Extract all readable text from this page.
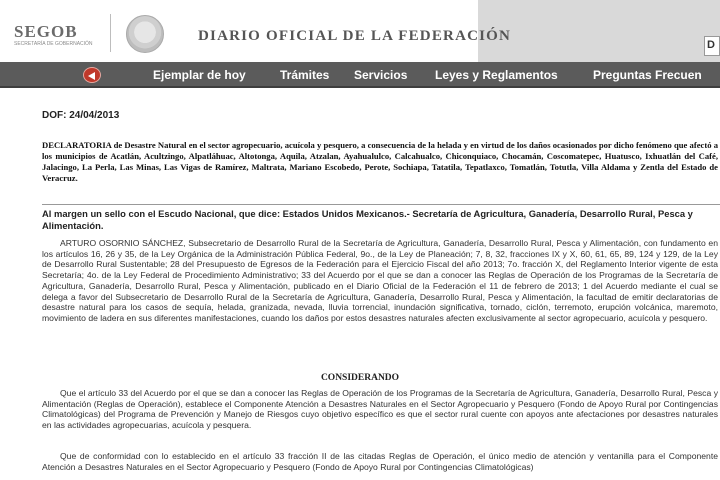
SEGOB
SECRETARÍA DE GOBERNACIÓN	DIARIO OFICIAL DE LA FEDERACIÓN
D
Ejemplar de hoy	Trámites Servicios Leyes y Reglamentos	Preguntas Frecuen
DOF: 24/04/2013
DECLARATORIA de Desastre Natural en el sector agropecuario, acuícola y pesquero, a consecuencia de la helada y en virtud de los daños ocasionados por dicho fenómeno que afectó a los municipios de Acatlán, Acultzingo, Alpatláhuac, Altotonga, Aquila, Atzalan, Ayahualulco, Calcahualco, Chiconquiaco, Chocamán, Coscomatepec, Huatusco, Ixhuatlán del Café, Jalacingo, La Perla, Las Minas, Las Vigas de Ramírez, Maltrata, Mariano Escobedo, Perote, Sochiapa, Tatatila, Tepatlaxco, Tomatlán, Totutla, Villa Aldama y Zentla del Estado de Veracruz.
Al margen un sello con el Escudo Nacional, que dice: Estados Unidos Mexicanos.- Secretaría de Agricultura, Ganadería, Desarrollo Rural, Pesca y Alimentación.
ARTURO OSORNIO SÁNCHEZ, Subsecretario de Desarrollo Rural de la Secretaría de Agricultura, Ganadería, Desarrollo Rural, Pesca y Alimentación, con fundamento en los artículos 16, 26 y 35, de la Ley Orgánica de la Administración Pública Federal, 9o., de la Ley de Planeación; 7, 8, 32, fracciones IX y X, 60, 61, 65, 89, 124 y 129, de la Ley de Desarrollo Rural Sustentable; 28 del Presupuesto de Egresos de la Federación para el Ejercicio Fiscal del año 2013; 7o. fracción X, del Reglamento Interior vigente de esta Secretaría; 4o. de la Ley Federal de Procedimiento Administrativo; 33 del Acuerdo por el que se dan a conocer las Reglas de Operación de los Programas de la Secretaría de Agricultura, Ganadería, Desarrollo Rural, Pesca y Alimentación, publicado en el Diario Oficial de la Federación el 11 de febrero de 2013; 1 del Acuerdo mediante el cual se delega a favor del Subsecretario de Desarrollo Rural de la Secretaría de Agricultura, Ganadería, Desarrollo Rural, Pesca y Alimentación, la facultad de emitir declaratorias de desastre natural para los casos de sequía, helada, granizada, nevada, lluvia torrencial, inundación significativa, tornado, ciclón, terremoto, erupción volcánica, maremoto, movimiento de ladera en sus diferentes manifestaciones, cuando los daños por estos desastres naturales afecten exclusivamente al sector agropecuario, acuícola y pesquero.
CONSIDERANDO
Que el artículo 33 del Acuerdo por el que se dan a conocer las Reglas de Operación de los Programas de la Secretaría de Agricultura, Ganadería, Desarrollo Rural, Pesca y Alimentación (Reglas de Operación), establece el Componente Atención a Desastres Naturales en el Sector Agropecuario y Pesquero (Fondo de Apoyo Rural por Contingencias Climatológicas) del Programa de Prevención y Manejo de Riesgos cuyo objetivo específico es que el sector rural cuente con apoyos ante afectaciones por desastres naturales en las actividades agropecuarias, acuícola y pesquera.
Que de conformidad con lo establecido en el artículo 33 fracción II de las citadas Reglas de Operación, el único medio de atención y ventanilla para el Componente Atención a Desastres Naturales en el Sector Agropecuario y Pesquero (Fondo de Apoyo Rural por Contingencias Climatológicas)
